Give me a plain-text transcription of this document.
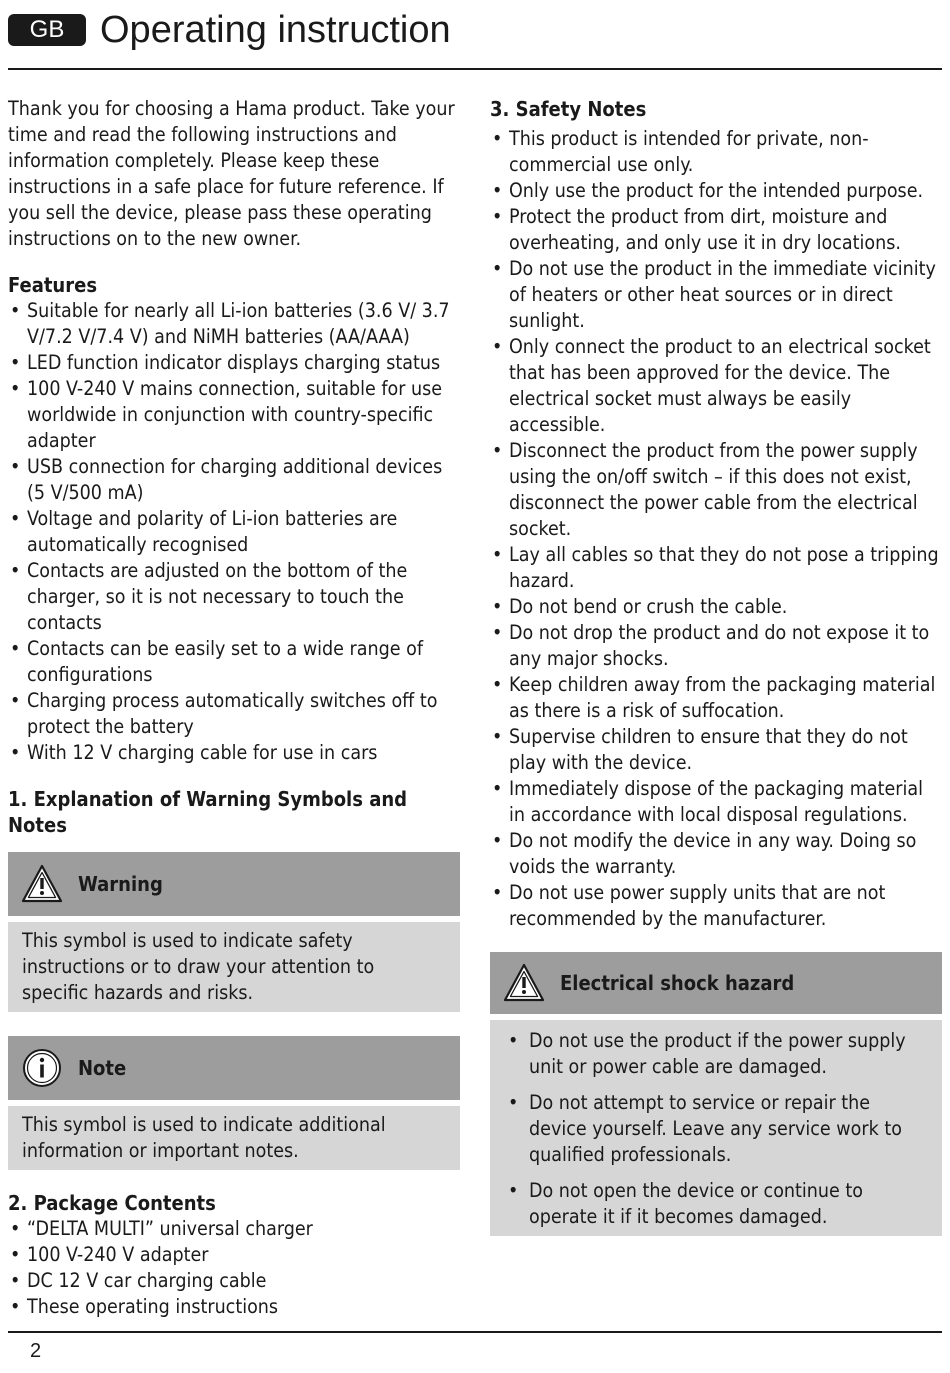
GB Operating instruction

Thank you for choosing a Hama product. Take your time and read the following instructions and information completely. Please keep these instructions in a safe place for future reference. If you sell the device, please pass these operating instructions on to the new owner.

Features
• Suitable for nearly all Li-ion batteries (3.6 V/ 3.7 V/7.2 V/7.4 V) and NiMH batteries (AA/AAA)
• LED function indicator displays charging status
• 100 V-240 V mains connection, suitable for use worldwide in conjunction with country-specific adapter
• USB connection for charging additional devices (5 V/500 mA)
• Voltage and polarity of Li-ion batteries are automatically recognised
• Contacts are adjusted on the bottom of the charger, so it is not necessary to touch the contacts
• Contacts can be easily set to a wide range of configurations
• Charging process automatically switches off to protect the battery
• With 12 V charging cable for use in cars
1. Explanation of Warning Symbols and Notes
Warning

This symbol is used to indicate safety instructions or to draw your attention to specific hazards and risks.

Note

This symbol is used to indicate additional information or important notes.

2. Package Contents
• “DELTA MULTI” universal charger
• 100 V-240 V adapter
• DC 12 V car charging cable
• These operating instructions
3. Safety Notes
• This product is intended for private, non-commercial use only.
• Only use the product for the intended purpose.
• Protect the product from dirt, moisture and overheating, and only use it in dry locations.
• Do not use the product in the immediate vicinity of heaters or other heat sources or in direct sunlight.
• Only connect the product to an electrical socket that has been approved for the device. The electrical socket must always be easily accessible.
• Disconnect the product from the power supply using the on/off switch – if this does not exist, disconnect the power cable from the electrical socket.
• Lay all cables so that they do not pose a tripping hazard.
• Do not bend or crush the cable.
• Do not drop the product and do not expose it to any major shocks.
• Keep children away from the packaging material as there is a risk of suffocation.
• Supervise children to ensure that they do not play with the device.
• Immediately dispose of the packaging material in accordance with local disposal regulations.
• Do not modify the device in any way. Doing so voids the warranty.
• Do not use power supply units that are not recommended by the manufacturer.
Electrical shock hazard
• Do not use the product if the power supply unit or power cable are damaged.
• Do not attempt to service or repair the device yourself. Leave any service work to qualified professionals.
• Do not open the device or continue to operate it if it becomes damaged.
2
